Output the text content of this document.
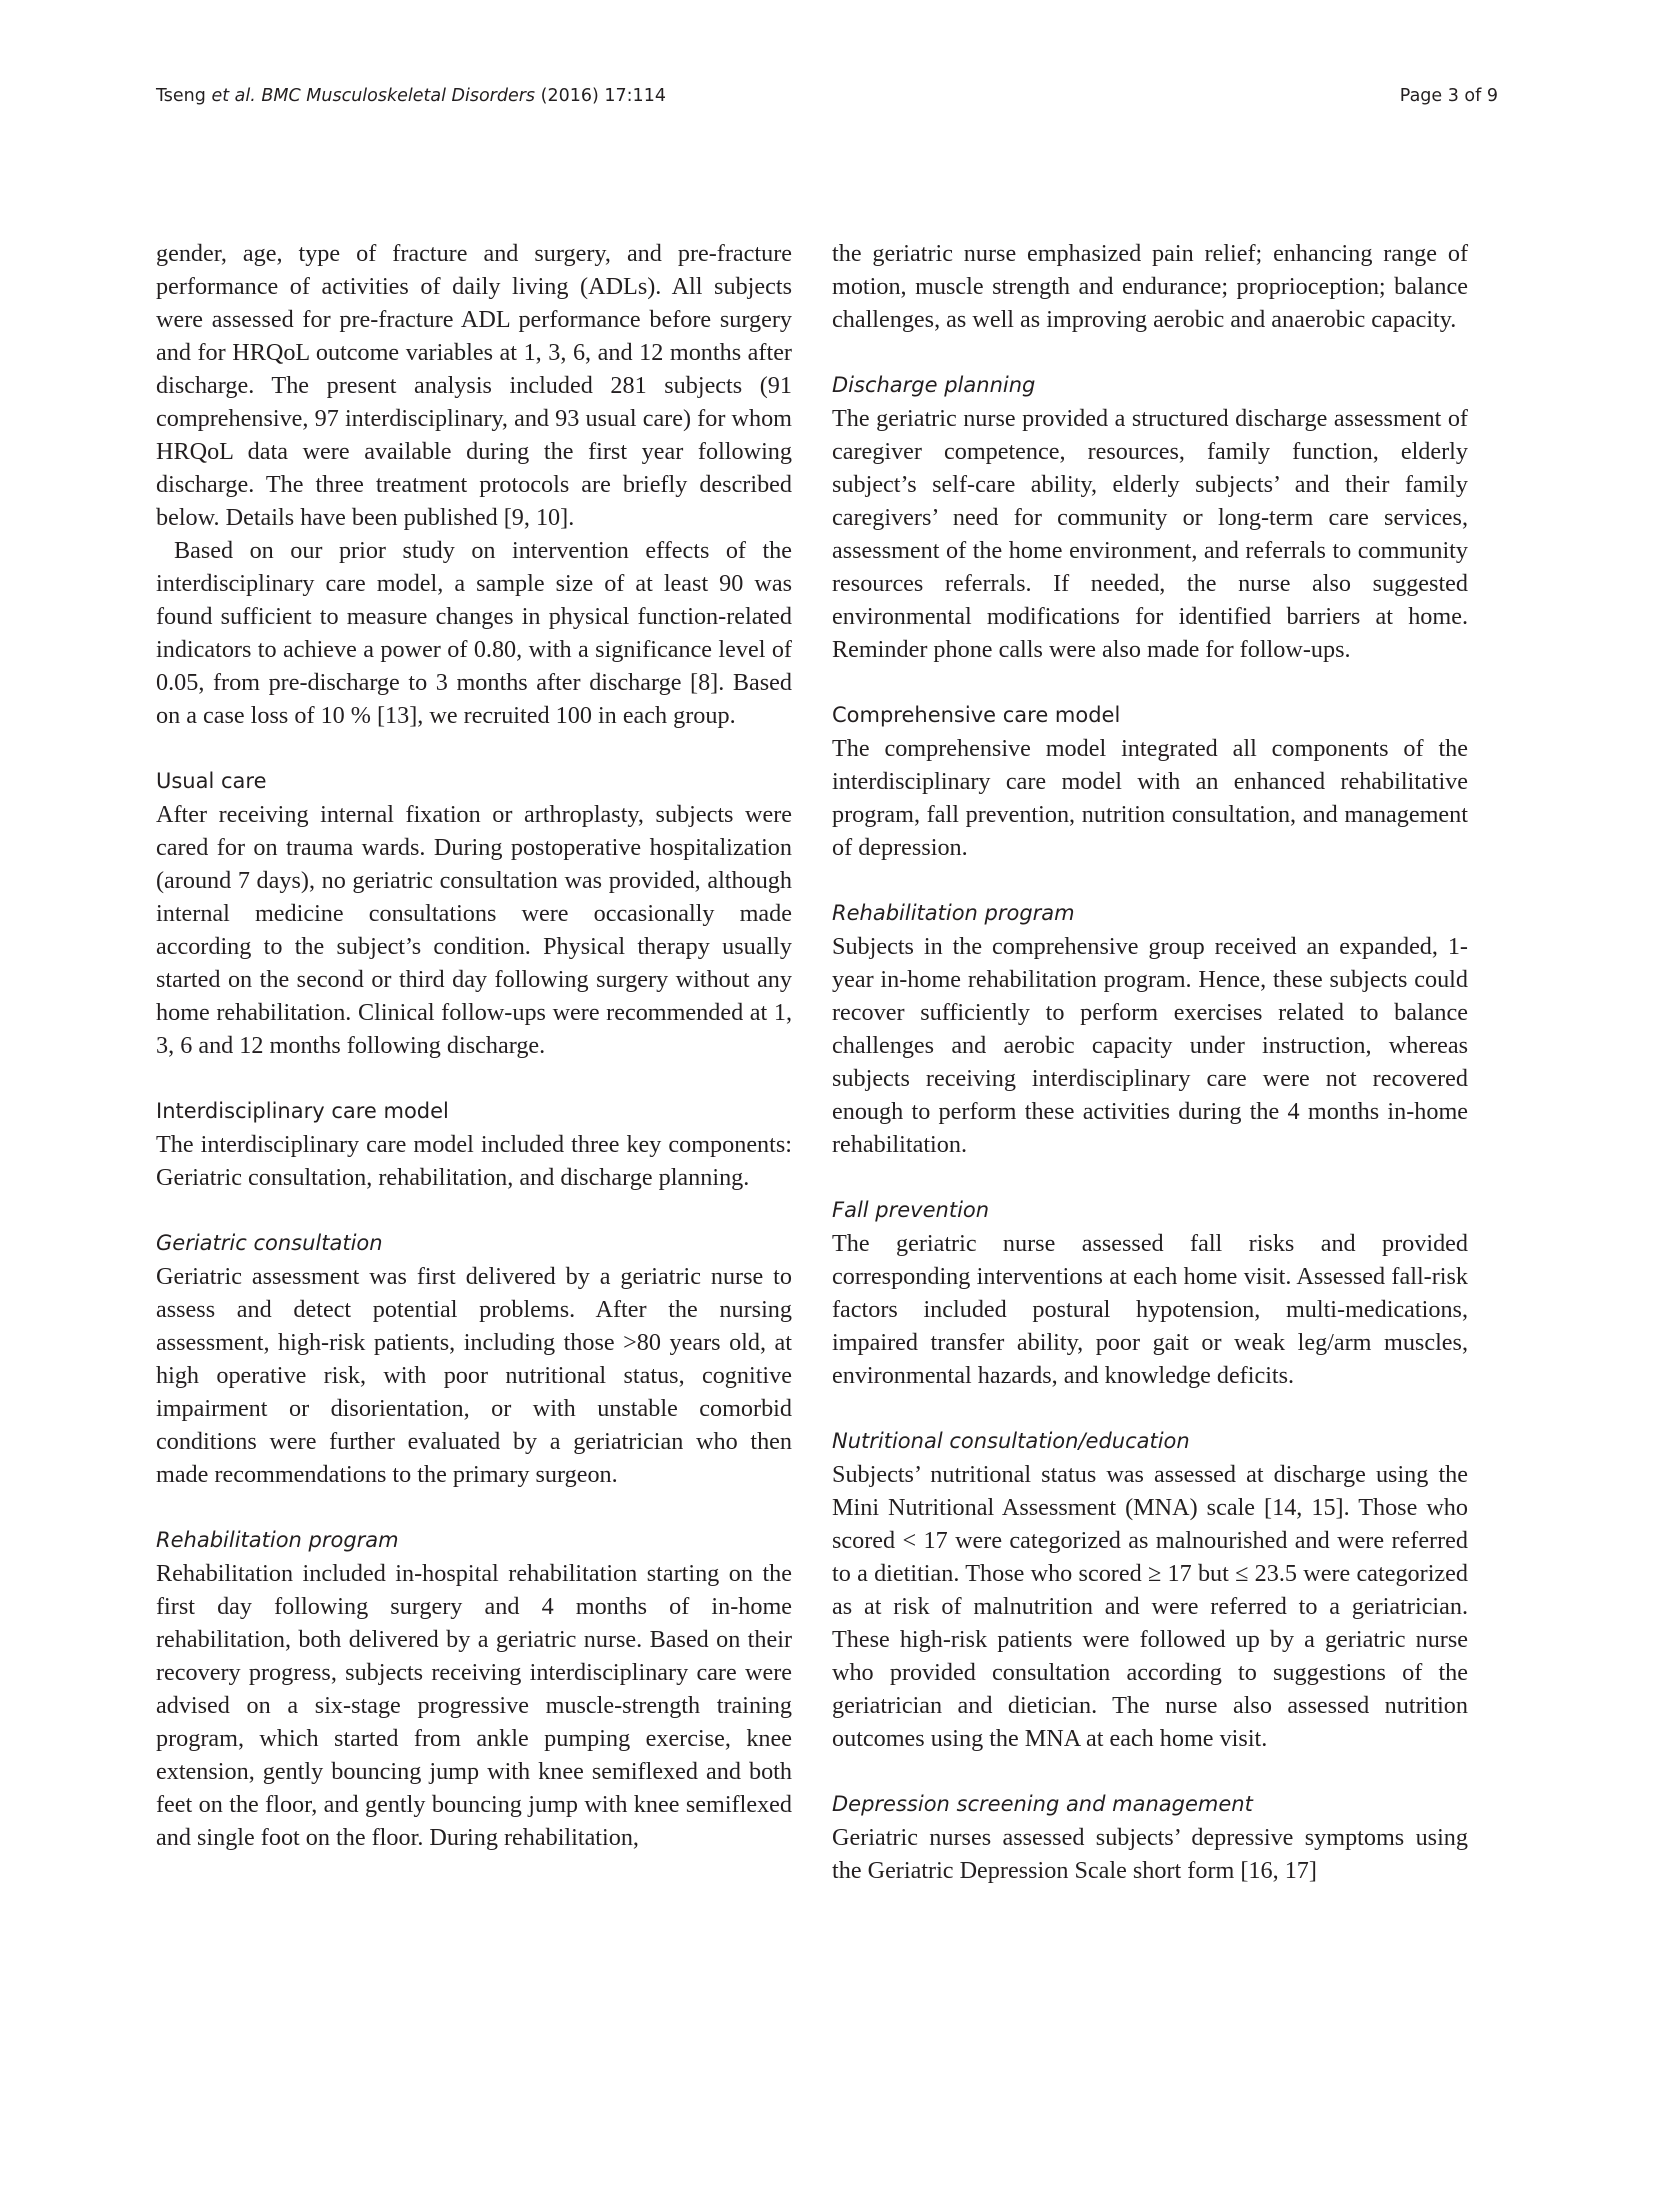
Tseng et al. BMC Musculoskeletal Disorders (2016) 17:114	Page 3 of 9

gender, age, type of fracture and surgery, and pre-fracture performance of activities of daily living (ADLs). All subjects were assessed for pre-fracture ADL performance before surgery and for HRQoL outcome variables at 1, 3, 6, and 12 months after discharge. The present analysis included 281 subjects (91 comprehensive, 97 interdisciplinary, and 93 usual care) for whom HRQoL data were available during the first year following discharge. The three treatment protocols are briefly described below. Details have been published [9, 10].

Based on our prior study on intervention effects of the interdisciplinary care model, a sample size of at least 90 was found sufficient to measure changes in physical function-related indicators to achieve a power of 0.80, with a significance level of 0.05, from pre-discharge to 3 months after discharge [8]. Based on a case loss of 10 % [13], we recruited 100 in each group.

Usual care

After receiving internal fixation or arthroplasty, subjects were cared for on trauma wards. During postoperative hospitalization (around 7 days), no geriatric consultation was provided, although internal medicine consultations were occasionally made according to the subject’s condition. Physical therapy usually started on the second or third day following surgery without any home rehabilitation. Clinical follow-ups were recommended at 1, 3, 6 and 12 months following discharge.

Interdisciplinary care model

The interdisciplinary care model included three key components: Geriatric consultation, rehabilitation, and discharge planning.

Geriatric consultation

Geriatric assessment was first delivered by a geriatric nurse to assess and detect potential problems. After the nursing assessment, high-risk patients, including those >80 years old, at high operative risk, with poor nutritional status, cognitive impairment or disorientation, or with unstable comorbid conditions were further evaluated by a geriatrician who then made recommendations to the primary surgeon.

Rehabilitation program

Rehabilitation included in-hospital rehabilitation starting on the first day following surgery and 4 months of in-home rehabilitation, both delivered by a geriatric nurse. Based on their recovery progress, subjects receiving interdisciplinary care were advised on a six-stage progressive muscle-strength training program, which started from ankle pumping exercise, knee extension, gently bouncing jump with knee semiflexed and both feet on the floor, and gently bouncing jump with knee semiflexed and single foot on the floor. During rehabilitation,

the geriatric nurse emphasized pain relief; enhancing range of motion, muscle strength and endurance; proprioception; balance challenges, as well as improving aerobic and anaerobic capacity.

Discharge planning

The geriatric nurse provided a structured discharge assessment of caregiver competence, resources, family function, elderly subject’s self-care ability, elderly subjects’ and their family caregivers’ need for community or long-term care services, assessment of the home environment, and referrals to community resources referrals. If needed, the nurse also suggested environmental modifications for identified barriers at home. Reminder phone calls were also made for follow-ups.

Comprehensive care model

The comprehensive model integrated all components of the interdisciplinary care model with an enhanced rehabilitative program, fall prevention, nutrition consultation, and management of depression.

Rehabilitation program

Subjects in the comprehensive group received an expanded, 1-year in-home rehabilitation program. Hence, these subjects could recover sufficiently to perform exercises related to balance challenges and aerobic capacity under instruction, whereas subjects receiving interdisciplinary care were not recovered enough to perform these activities during the 4 months in-home rehabilitation.

Fall prevention

The geriatric nurse assessed fall risks and provided corresponding interventions at each home visit. Assessed fall-risk factors included postural hypotension, multi-medications, impaired transfer ability, poor gait or weak leg/arm muscles, environmental hazards, and knowledge deficits.

Nutritional consultation/education

Subjects’ nutritional status was assessed at discharge using the Mini Nutritional Assessment (MNA) scale [14, 15]. Those who scored < 17 were categorized as malnourished and were referred to a dietitian. Those who scored ≥ 17 but ≤ 23.5 were categorized as at risk of malnutrition and were referred to a geriatrician. These high-risk patients were followed up by a geriatric nurse who provided consultation according to suggestions of the geriatrician and dietician. The nurse also assessed nutrition outcomes using the MNA at each home visit.

Depression screening and management

Geriatric nurses assessed subjects’ depressive symptoms using the Geriatric Depression Scale short form [16, 17]
